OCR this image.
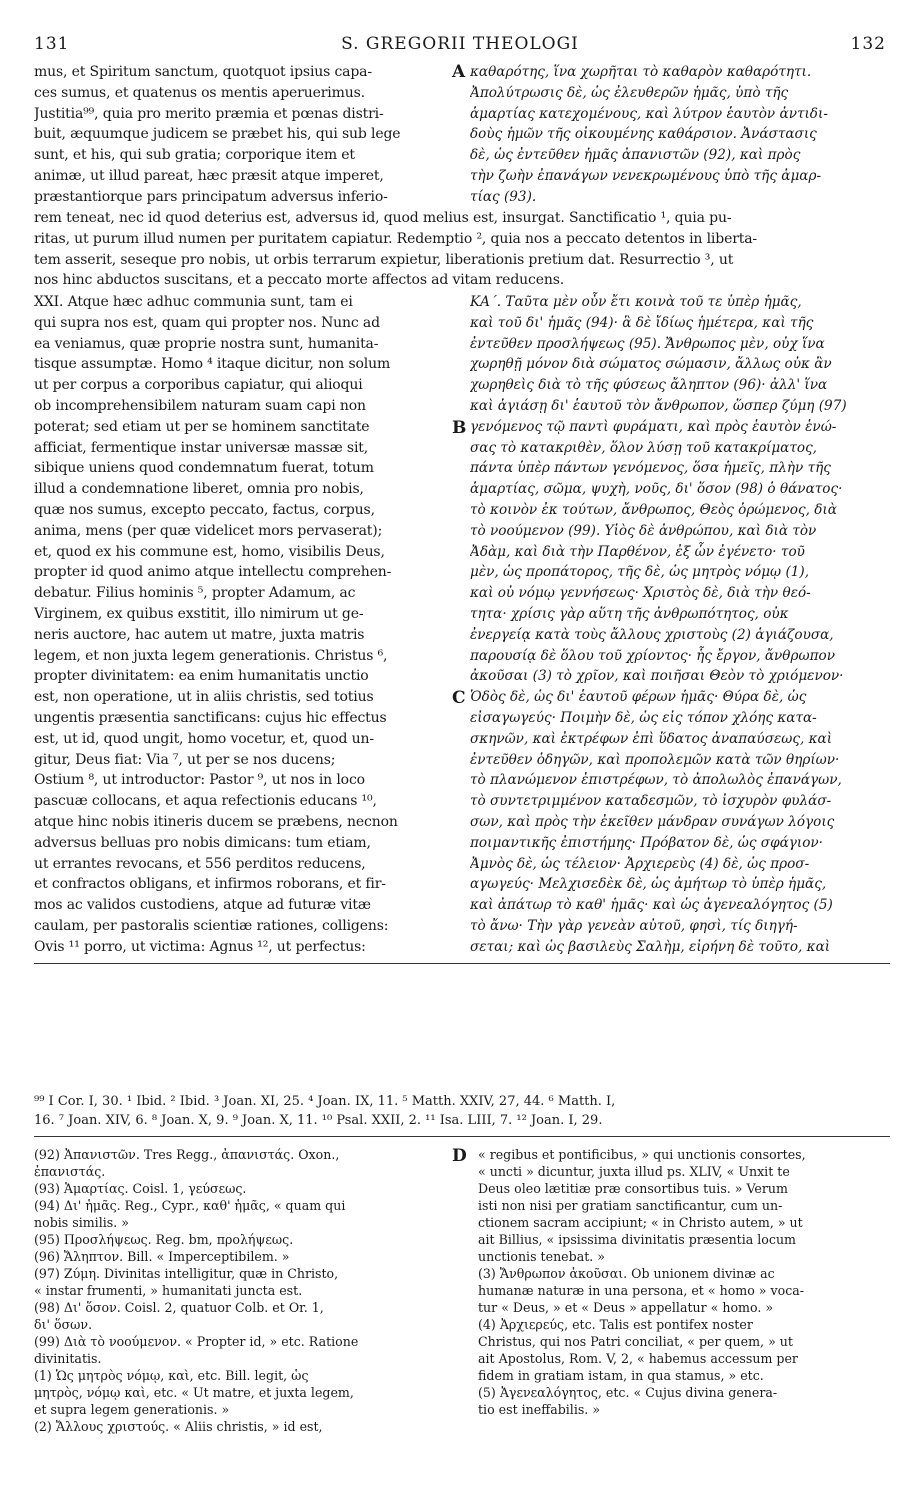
131	S. GREGORII THEOLOGI	132
mus, et Spiritum sanctum, quotquot ipsius capa-
ces sumus, et quatenus os mentis aperuerimus.
Justitia⁹⁹, quia pro merito præmia et pœnas distri-
buit, æquumque judicem se præbet his, qui sub lege
sunt, et his, qui sub gratia; corporique item et
animæ, ut illud pareat, hæc præsit atque imperet,
præstantiorque pars principatum adversus inferio-
καθαρότης, ἵνα χωρῆται τὸ καθαρὸν καθαρότητι.
Ἀπολύτρωσις δὲ, ὡς ἐλευθερῶν ἡμᾶς, ὑπὸ τῆς
ἁμαρτίας κατεχομένους, καὶ λύτρον ἑαυτὸν ἀντιδι-
δοὺς ἡμῶν τῆς οἰκουμένης καθάρσιον. Ἀνάστασις
δὲ, ὡς ἐντεῦθεν ἡμᾶς ἀπανιστῶν (92), καὶ πρὸς
τὴν ζωὴν ἐπανάγων νενεκρωμένους ὑπὸ τῆς ἁμαρ-
τίας (93).
rem teneat, nec id quod deterius est, adversus id, quod melius est, insurgat. Sanctificatio ¹, quia pu-
ritas, ut purum illud numen per puritatem capiatur. Redemptio ², quia nos a peccato detentos in liberta-
tem asserit, seseque pro nobis, ut orbis terrarum expietur, liberationis pretium dat. Resurrectio ³, ut
nos hinc abductos suscitans, et a peccato morte affectos ad vitam reducens.
XXI. Atque hæc adhuc communia sunt, tam ei
qui supra nos est, quam qui propter nos. Nunc ad
ea veniamus, quæ proprie nostra sunt, humanita-
tisque assumptæ. Homo ⁴ itaque dicitur, non solum
ut per corpus a corporibus capiatur, qui alioqui
ob incomprehensibilem naturam suam capi non
poterat; sed etiam ut per se hominem sanctitate
afficiat, fermentique instar universæ massæ sit,
sibique uniens quod condemnatum fuerat, totum
illud a condemnatione liberet, omnia pro nobis,
quæ nos sumus, excepto peccato, factus, corpus,
anima, mens (per quæ videlicet mors pervaserat);
et, quod ex his commune est, homo, visibilis Deus,
propter id quod animo atque intellectu comprehen-
debatur. Filius hominis ⁵, propter Adamum, ac
Virginem, ex quibus exstitit, illo nimirum ut ge-
neris auctore, hac autem ut matre, juxta matris
legem, et non juxta legem generationis. Christus ⁶,
propter divinitatem: ea enim humanitatis unctio
est, non operatione, ut in aliis christis, sed totius
ungentis præsentia sanctificans: cujus hic effectus
est, ut id, quod ungit, homo vocetur, et, quod un-
gitur, Deus fiat: Via ⁷, ut per se nos ducens;
Ostium ⁸, ut introductor: Pastor ⁹, ut nos in loco
pascuæ collocans, et aqua refectionis educans ¹⁰,
atque hinc nobis itineris ducem se præbens, necnon
adversus belluas pro nobis dimicans: tum etiam,
ut errantes revocans, et 556 perditos reducens,
et confractos obligans, et infirmos roborans, et fir-
mos ac validos custodiens, atque ad futuræ vitæ
caulam, per pastoralis scientiæ rationes, colligens:
Ovis ¹¹ porro, ut victima: Agnus ¹², ut perfectus:
ΚΑ΄. Ταῦτα μὲν οὖν ἔτι κοινὰ τοῦ τε ὑπὲρ ἡμᾶς,
καὶ τοῦ δι' ἡμᾶς (94)· ἃ δὲ ἴδίως ἡμέτερα, καὶ τῆς
ἐντεῦθεν προσλήψεως (95). Ἄνθρωπος μὲν, οὐχ ἵνα
χωρηθῇ μόνον διὰ σώματος σώμασιν, ἄλλως οὐκ ἂν
χωρηθεὶς διὰ τὸ τῆς φύσεως ἄληπτον (96)· ἀλλ' ἵνα
καὶ ἁγιάσῃ δι' ἑαυτοῦ τὸν ἄνθρωπον, ὥσπερ ζύμη (97)
γενόμενος τῷ παντὶ φυράματι, καὶ πρὸς ἑαυτὸν ἑνώ-
σας τὸ κατακριθὲν, ὅλον λύσῃ τοῦ κατακρίματος,
πάντα ὑπὲρ πάντων γενόμενος, ὅσα ἡμεῖς, πλὴν τῆς
ἁμαρτίας, σῶμα, ψυχὴ, νοῦς, δι' ὅσον (98) ὁ θάνατος·
τὸ κοινὸν ἐκ τούτων, ἄνθρωπος, Θεὸς ὁρώμενος, διὰ
τὸ νοούμενον (99). Υἱὸς δὲ ἀνθρώπου, καὶ διὰ τὸν
Ἀδὰμ, καὶ διὰ τὴν Παρθένον, ἐξ ὧν ἐγένετο· τοῦ
μὲν, ὡς προπάτορος, τῆς δὲ, ὡς μητρὸς νόμῳ (1),
καὶ οὐ νόμῳ γεννήσεως· Χριστὸς δὲ, διὰ τὴν θεό-
τητα· χρίσις γὰρ αὕτη τῆς ἀνθρωπότητος, οὐκ
ἐνεργείᾳ κατὰ τοὺς ἄλλους χριστοὺς (2) ἁγιάζουσα,
παρουσίᾳ δὲ ὅλου τοῦ χρίοντος· ἧς ἔργον, ἄνθρωπον
ἀκοῦσαι (3) τὸ χρῖον, καὶ ποιῆσαι Θεὸν τὸ χριόμενον·
Ὁδὸς δὲ, ὡς δι' ἑαυτοῦ φέρων ἡμᾶς· Θύρα δὲ, ὡς
εἰσαγωγεύς· Ποιμὴν δὲ, ὡς εἰς τόπον χλόης κατα-
σκηνῶν, καὶ ἐκτρέφων ἐπὶ ὕδατος ἀναπαύσεως, καὶ
ἐντεῦθεν ὁδηγῶν, καὶ προπολεμῶν κατὰ τῶν θηρίων·
τὸ πλανώμενον ἐπιστρέφων, τὸ ἀπολωλὸς ἐπανάγων,
τὸ συντετριμμένον καταδεσμῶν, τὸ ἰσχυρὸν φυλάσ-
σων, καὶ πρὸς τὴν ἐκεῖθεν μάνδραν συνάγων λόγοις
ποιμαντικῆς ἐπιστήμης· Πρόβατον δὲ, ὡς σφάγιον·
Ἀμνὸς δὲ, ὡς τέλειον· Ἀρχιερεὺς (4) δὲ, ὡς προσ-
αγωγεύς· Μελχισεδὲκ δὲ, ὡς ἀμήτωρ τὸ ὑπὲρ ἡμᾶς,
καὶ ἀπάτωρ τὸ καθ' ἡμᾶς· καὶ ὡς ἀγενεαλόγητος (5)
τὸ ἄνω· Τὴν γὰρ γενεὰν αὐτοῦ, φησὶ, τίς διηγή-
σεται; καὶ ὡς βασιλεὺς Σαλὴμ, εἰρήνη δὲ τοῦτο, καὶ
A
B
C
⁹⁹ I Cor. I, 30. ¹ Ibid. ² Ibid. ³ Joan. XI, 25. ⁴ Joan. IX, 11. ⁵ Matth. XXIV, 27, 44. ⁶ Matth. I,
16. ⁷ Joan. XIV, 6. ⁸ Joan. X, 9. ⁹ Joan. X, 11. ¹⁰ Psal. XXII, 2. ¹¹ Isa. LIII, 7. ¹² Joan. I, 29.
(92) Ἀπανιστῶν. Tres Regg., ἀπανιστάς. Oxon.,
ἐπανιστάς.
(93) Ἁμαρτίας. Coisl. 1, γεύσεως.
(94) Δι' ἡμᾶς. Reg., Cypr., καθ' ἡμᾶς, « quam qui
nobis similis. »
(95) Προσλήψεως. Reg. bm, προλήψεως.
(96) Ἄληπτον. Bill. « Imperceptibilem. »
(97) Ζύμη. Divinitas intelligitur, quæ in Christo,
« instar frumenti, » humanitati juncta est.
(98) Δι' ὅσον. Coisl. 2, quatuor Colb. et Or. 1,
δι' ὅσων.
(99) Διὰ τὸ νοούμενον. « Propter id, » etc. Ratione
divinitatis.
(1) Ὡς μητρὸς νόμῳ, καὶ, etc. Bill. legit, ὡς
μητρὸς, νόμῳ καὶ, etc. « Ut matre, et juxta legem,
et supra legem generationis. »
(2) Ἄλλους χριστούς. « Aliis christis, » id est,
« regibus et pontificibus, » qui unctionis consortes,
« uncti » dicuntur, juxta illud ps. XLIV, « Unxit te
Deus oleo lætitiæ præ consortibus tuis. » Verum
isti non nisi per gratiam sanctificantur, cum un-
ctionem sacram accipiunt; « in Christo autem, » ut
ait Billius, « ipsissima divinitatis præsentia locum
unctionis tenebat. »
(3) Ἄνθρωπον ἀκοῦσαι. Ob unionem divinæ ac
humanæ naturæ in una persona, et « homo » voca-
tur « Deus, » et « Deus » appellatur « homo. »
(4) Ἀρχιερεύς, etc. Talis est pontifex noster
Christus, qui nos Patri conciliat, « per quem, » ut
ait Apostolus, Rom. V, 2, « habemus accessum per
fidem in gratiam istam, in qua stamus, » etc.
(5) Ἀγενεαλόγητος, etc. « Cujus divina genera-
tio est ineffabilis. »
D
